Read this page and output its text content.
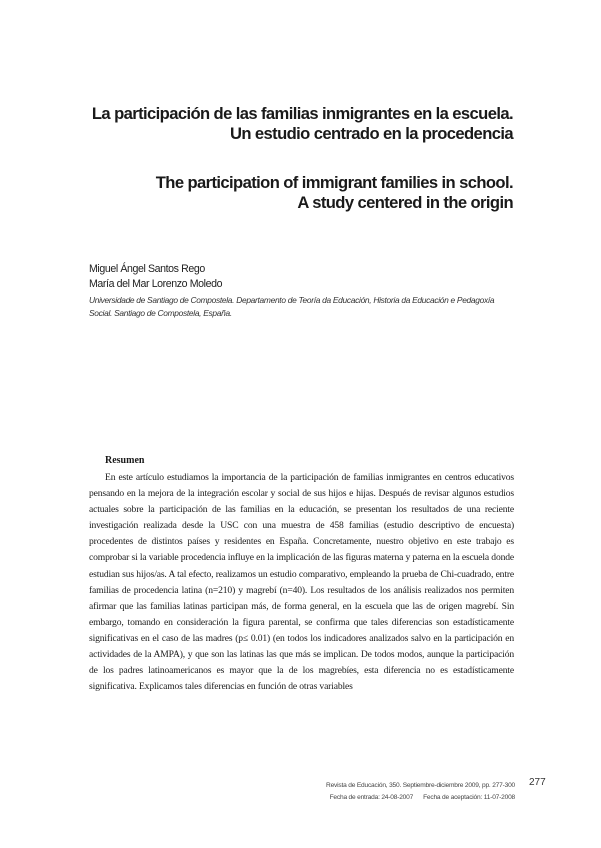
La participación de las familias inmigrantes en la escuela.
Un estudio centrado en la procedencia
The participation of immigrant families in school.
A study centered in the origin
Miguel Ángel Santos Rego
María del Mar Lorenzo Moledo
Universidade de Santiago de Compostela. Departamento de Teoría da Educación, Historia da Educación e Pedagoxía Social. Santiago de Compostela, España.
Resumen

En este artículo estudiamos la importancia de la participación de familias inmigrantes en centros educativos pensando en la mejora de la integración escolar y social de sus hijos e hijas. Después de revisar algunos estudios actuales sobre la participación de las familias en la educación, se presentan los resultados de una reciente investigación realizada desde la USC con una muestra de 458 familias (estudio descriptivo de encuesta) procedentes de distintos países y residentes en España. Concretamente, nuestro objetivo en este trabajo es comprobar si la variable procedencia influye en la implicación de las figuras materna y paterna en la escuela donde estudian sus hijos/as. A tal efecto, realizamos un estudio comparativo, empleando la prueba de Chi-cuadrado, entre familias de procedencia latina (n=210) y magrebí (n=40). Los resultados de los análisis realizados nos permiten afirmar que las familias latinas participan más, de forma general, en la escuela que las de origen magrebí. Sin embargo, tomando en consideración la figura parental, se confirma que tales diferencias son estadísticamente significativas en el caso de las madres (p≤ 0.01) (en todos los indicadores analizados salvo en la participación en actividades de la AMPA), y que son las latinas las que más se implican. De todos modos, aunque la participación de los padres latinoamericanos es mayor que la de los magrebíes, esta diferencia no es estadísticamente significativa. Explicamos tales diferencias en función de otras variables

Revista de Educación, 350. Septiembre-diciembre 2009, pp. 277-300
Fecha de entrada: 24-08-2007 Fecha de aceptación: 11-07-2008
277
